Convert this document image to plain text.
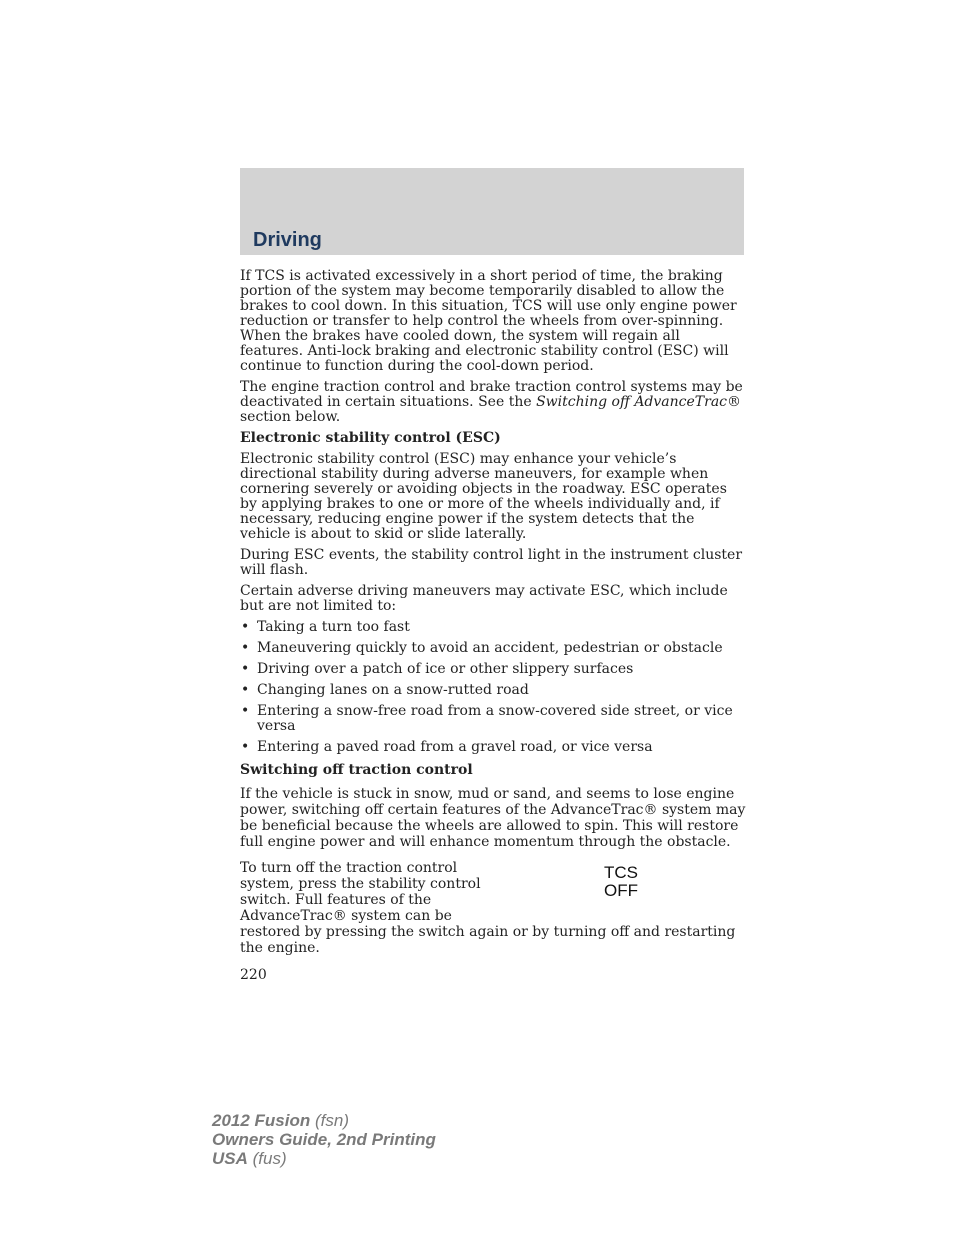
Driving

If TCS is activated excessively in a short period of time, the braking portion of the system may become temporarily disabled to allow the brakes to cool down. In this situation, TCS will use only engine power reduction or transfer to help control the wheels from over-spinning. When the brakes have cooled down, the system will regain all features. Anti-lock braking and electronic stability control (ESC) will continue to function during the cool-down period.

The engine traction control and brake traction control systems may be deactivated in certain situations. See the Switching off AdvanceTrac® section below.

Electronic stability control (ESC)

Electronic stability control (ESC) may enhance your vehicle’s directional stability during adverse maneuvers, for example when cornering severely or avoiding objects in the roadway. ESC operates by applying brakes to one or more of the wheels individually and, if necessary, reducing engine power if the system detects that the vehicle is about to skid or slide laterally.

During ESC events, the stability control light in the instrument cluster will flash.

Certain adverse driving maneuvers may activate ESC, which include but are not limited to:

• Taking a turn too fast
• Maneuvering quickly to avoid an accident, pedestrian or obstacle
• Driving over a patch of ice or other slippery surfaces
• Changing lanes on a snow-rutted road
• Entering a snow-free road from a snow-covered side street, or vice versa
• Entering a paved road from a gravel road, or vice versa

Switching off traction control

If the vehicle is stuck in snow, mud or sand, and seems to lose engine power, switching off certain features of the AdvanceTrac® system may be beneficial because the wheels are allowed to spin. This will restore full engine power and will enhance momentum through the obstacle.

To turn off the traction control
system, press the stability control
switch. Full features of the
AdvanceTrac® system can be
restored by pressing the switch again or by turning off and restarting the engine.
TCS
OFF
220
2012 Fusion (fsn)
Owners Guide, 2nd Printing
USA (fus)
